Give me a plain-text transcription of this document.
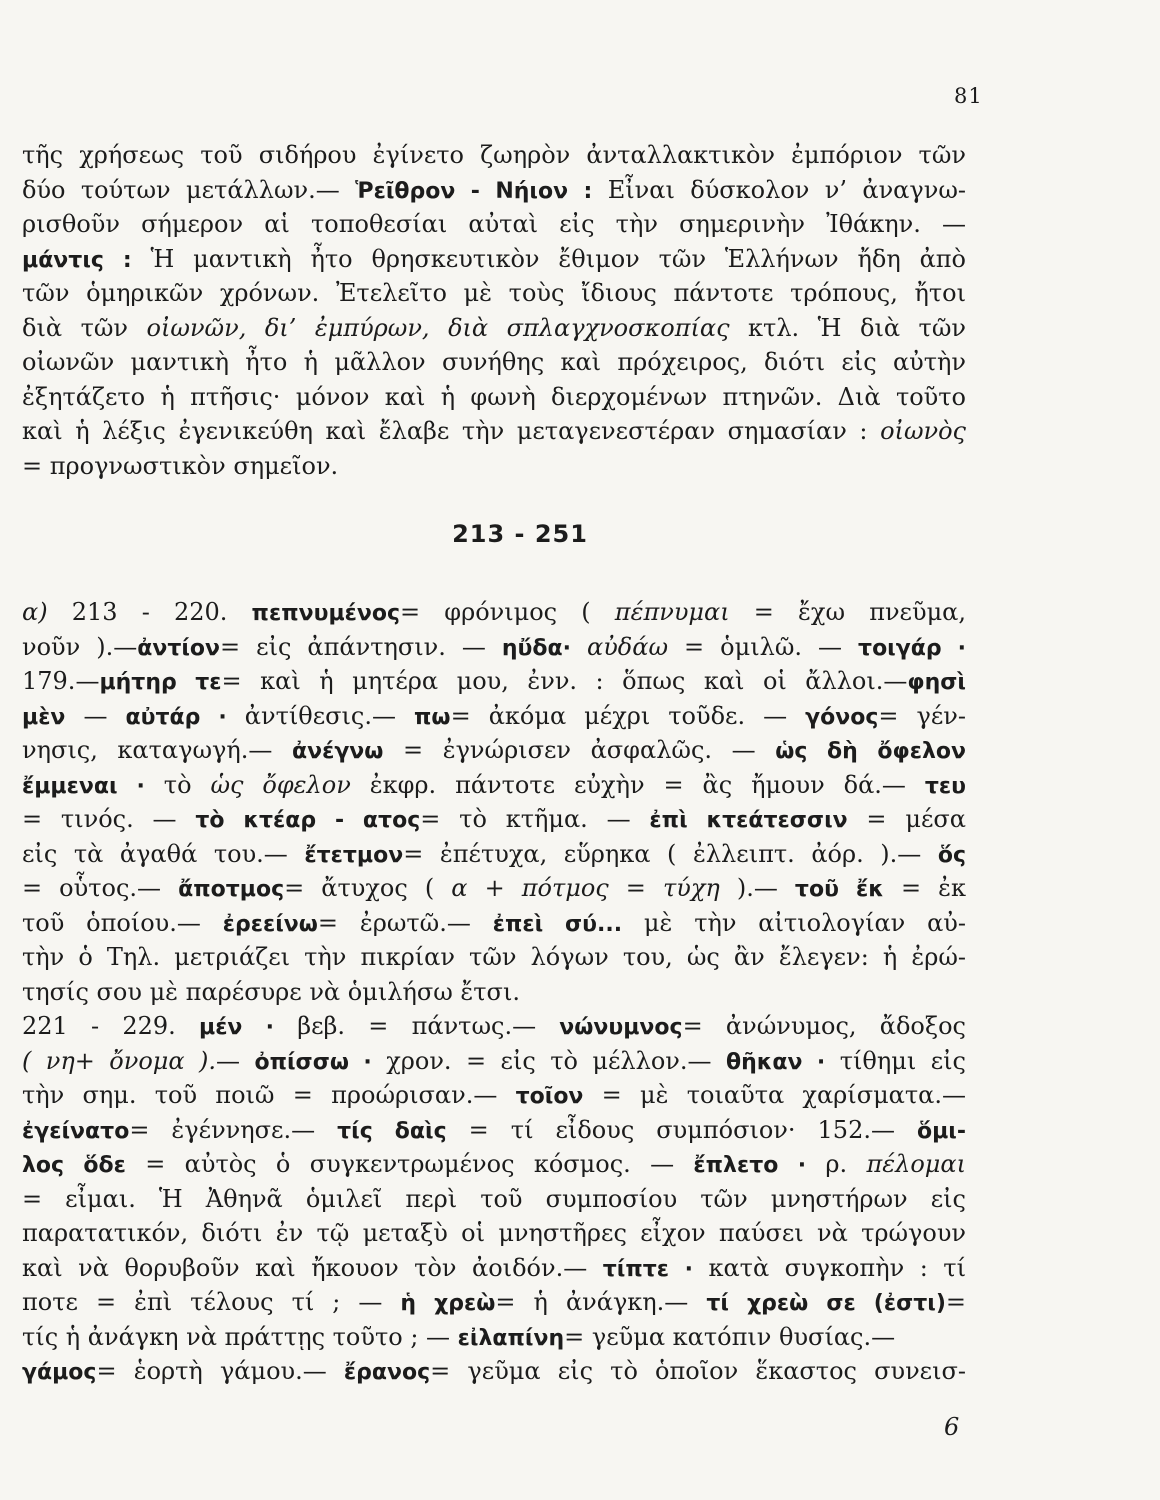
81
τῆς χρήσεως τοῦ σιδήρου ἐγίνετο ζωηρὸν ἀνταλλακτικὸν ἐμπόριον τῶν
δύο τούτων μετάλλων.— Ῥεῖθρον - Νήιον : Εἶναι δύσκολον ν’ ἀναγνω-
ρισθοῦν σήμερον αἱ τοποθεσίαι αὐταὶ εἰς τὴν σημερινὴν Ἰθάκην. —
μάντις : Ἡ μαντικὴ ἦτο θρησκευτικὸν ἔθιμον τῶν Ἑλλήνων ἤδη ἀπὸ
τῶν ὁμηρικῶν χρόνων. Ἐτελεῖτο μὲ τοὺς ἴδιους πάντοτε τρόπους, ἤτοι
διὰ τῶν οἰωνῶν, δι’ ἐμπύρων, διὰ σπλαγχνοσκοπίας κτλ. Ἡ διὰ τῶν
οἰωνῶν μαντικὴ ἦτο ἡ μᾶλλον συνήθης καὶ πρόχειρος, διότι εἰς αὐτὴν
ἐξητάζετο ἡ πτῆσις· μόνον καὶ ἡ φωνὴ διερχομένων πτηνῶν. Διὰ τοῦτο
καὶ ἡ λέξις ἐγενικεύθη καὶ ἔλαβε τὴν μεταγενεστέραν σημασίαν : οἰωνὸς
= προγνωστικὸν σημεῖον.
213 - 251
α) 213 - 220. πεπνυμένος= φρόνιμος ( πέπνυμαι = ἔχω πνεῦμα,
νοῦν ).—ἀντίον= εἰς ἀπάντησιν. — ηὔδα· αὐδάω = ὁμιλῶ. — τοιγάρ ·
179.—μήτηρ τε= καὶ ἡ μητέρα μου, ἐνν. : ὅπως καὶ οἱ ἄλλοι.—φησὶ
μὲν — αὐτάρ · ἀντίθεσις.— πω= ἀκόμα μέχρι τοῦδε. — γόνος= γέν-
νησις, καταγωγή.— ἀνέγνω = ἐγνώρισεν ἀσφαλῶς. — ὡς δὴ ὄφελον
ἔμμεναι · τὸ ὡς ὄφελον ἐκφρ. πάντοτε εὐχὴν = ἂς ἤμουν δά.— τευ
= τινός. — τὸ κτέαρ - ατος= τὸ κτῆμα. — ἐπὶ κτεάτεσσιν = μέσα
εἰς τὰ ἀγαθά του.— ἔτετμον= ἐπέτυχα, εὕρηκα ( ἐλλειπτ. ἀόρ. ).— ὅς
= οὗτος.— ἄποτμος= ἄτυχος ( α + πότμος = τύχη ).— τοῦ ἔκ = ἐκ
τοῦ ὁποίου.— ἐρεείνω= ἐρωτῶ.— ἐπεὶ σύ... μὲ τὴν αἰτιολογίαν αὐ-
τὴν ὁ Τηλ. μετριάζει τὴν πικρίαν τῶν λόγων του, ὡς ἂν ἔλεγεν: ἡ ἐρώ-
τησίς σου μὲ παρέσυρε νὰ ὁμιλήσω ἔτσι.
221 - 229. μέν · βεβ. = πάντως.— νώνυμνος= ἀνώνυμος, ἄδοξος
( νη+ ὄνομα ).— ὀπίσσω · χρον. = εἰς τὸ μέλλον.— θῆκαν · τίθημι εἰς
τὴν σημ. τοῦ ποιῶ = προώρισαν.— τοῖον = μὲ τοιαῦτα χαρίσματα.—
ἐγείνατο= ἐγέννησε.— τίς δαὶς = τί εἶδους συμπόσιον· 152.— ὅμι-
λος ὅδε = αὐτὸς ὁ συγκεντρωμένος κόσμος. — ἔπλετο · ρ. πέλομαι
= εἶμαι. Ἡ Ἀθηνᾶ ὁμιλεῖ περὶ τοῦ συμποσίου τῶν μνηστήρων εἰς
παρατατικόν, διότι ἐν τῷ μεταξὺ οἱ μνηστῆρες εἶχον παύσει νὰ τρώγουν
καὶ νὰ θορυβοῦν καὶ ἤκουον τὸν ἀοιδόν.— τίπτε · κατὰ συγκοπὴν : τί
ποτε = ἐπὶ τέλους τί ; — ἡ χρεὼ= ἡ ἀνάγκη.— τί χρεὼ σε (ἐστι)=
τίς ἡ ἀνάγκη νὰ πράττῃς τοῦτο ; — εἰλαπίνη= γεῦμα κατόπιν θυσίας.—
γάμος= ἑορτὴ γάμου.— ἔρανος= γεῦμα εἰς τὸ ὁποῖον ἕκαστος συνεισ-
6
